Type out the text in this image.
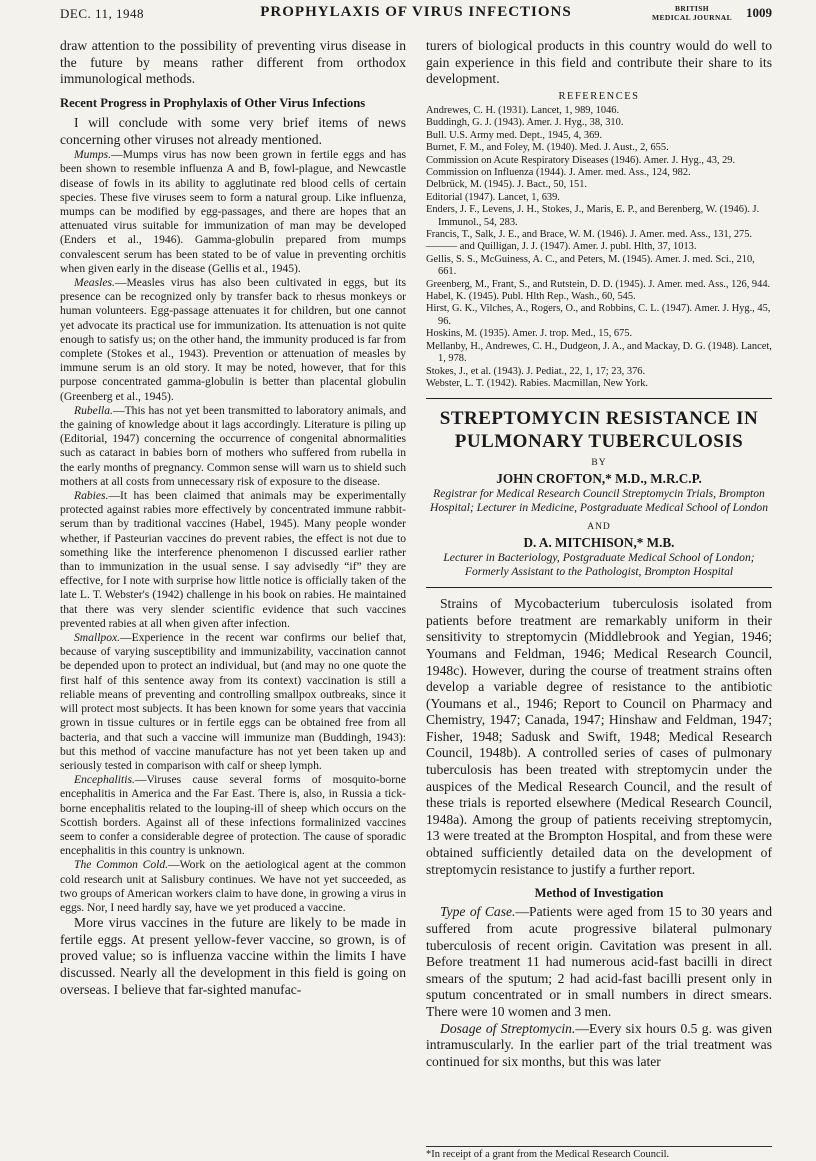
DEC. 11, 1948	PROPHYLAXIS OF VIRUS INFECTIONS	BRITISH
MEDICAL JOURNAL 1009

draw attention to the possibility of preventing virus disease in the future by means rather different from orthodox immunological methods.

Recent Progress in Prophylaxis of Other Virus Infections

I will conclude with some very brief items of news concerning other viruses not already mentioned.

Mumps.—Mumps virus has now been grown in fertile eggs and has been shown to resemble influenza A and B, fowl-plague, and Newcastle disease of fowls in its ability to agglutinate red blood cells of certain species. These five viruses seem to form a natural group. Like influenza, mumps can be modified by egg-passages, and there are hopes that an attenuated virus suitable for immunization of man may be developed (Enders et al., 1946). Gamma-globulin prepared from mumps convalescent serum has been stated to be of value in preventing orchitis when given early in the disease (Gellis et al., 1945).

Measles.—Measles virus has also been cultivated in eggs, but its presence can be recognized only by transfer back to rhesus monkeys or human volunteers. Egg-passage attenuates it for children, but one cannot yet advocate its practical use for immunization. Its attenuation is not quite enough to satisfy us; on the other hand, the immunity produced is far from complete (Stokes et al., 1943). Prevention or attenuation of measles by immune serum is an old story. It may be noted, however, that for this purpose concentrated gamma-globulin is better than placental globulin (Greenberg et al., 1945).

Rubella.—This has not yet been transmitted to laboratory animals, and the gaining of knowledge about it lags accordingly. Literature is piling up (Editorial, 1947) concerning the occurrence of congenital abnormalities such as cataract in babies born of mothers who suffered from rubella in the early months of pregnancy. Common sense will warn us to shield such mothers at all costs from unnecessary risk of exposure to the disease.

Rabies.—It has been claimed that animals may be experimentally protected against rabies more effectively by concentrated immune rabbit-serum than by traditional vaccines (Habel, 1945). Many people wonder whether, if Pasteurian vaccines do prevent rabies, the effect is not due to something like the interference phenomenon I discussed earlier rather than to immunization in the usual sense. I say advisedly “if” they are effective, for I note with surprise how little notice is officially taken of the late L. T. Webster's (1942) challenge in his book on rabies. He maintained that there was very slender scientific evidence that such vaccines prevented rabies at all when given after infection.

Smallpox.—Experience in the recent war confirms our belief that, because of varying susceptibility and immunizability, vaccination cannot be depended upon to protect an individual, but (and may no one quote the first half of this sentence away from its context) vaccination is still a reliable means of preventing and controlling smallpox outbreaks, since it will protect most subjects. It has been known for some years that vaccinia grown in tissue cultures or in fertile eggs can be obtained free from all bacteria, and that such a vaccine will immunize man (Buddingh, 1943): but this method of vaccine manufacture has not yet been taken up and seriously tested in comparison with calf or sheep lymph.

Encephalitis.—Viruses cause several forms of mosquito-borne encephalitis in America and the Far East. There is, also, in Russia a tick-borne encephalitis related to the louping-ill of sheep which occurs on the Scottish borders. Against all of these infections formalinized vaccines seem to confer a considerable degree of protection. The cause of sporadic encephalitis in this country is unknown.

The Common Cold.—Work on the aetiological agent at the common cold research unit at Salisbury continues. We have not yet succeeded, as two groups of American workers claim to have done, in growing a virus in eggs. Nor, I need hardly say, have we yet produced a vaccine.

More virus vaccines in the future are likely to be made in fertile eggs. At present yellow-fever vaccine, so grown, is of proved value; so is influenza vaccine within the limits I have discussed. Nearly all the development in this field is going on overseas. I believe that far-sighted manufac-

turers of biological products in this country would do well to gain experience in this field and contribute their share to its development.

REFERENCES
Andrewes, C. H. (1931). Lancet, 1, 989, 1046.
Buddingh, G. J. (1943). Amer. J. Hyg., 38, 310.
Bull. U.S. Army med. Dept., 1945, 4, 369.
Burnet, F. M., and Foley, M. (1940). Med. J. Aust., 2, 655.
Commission on Acute Respiratory Diseases (1946). Amer. J. Hyg., 43, 29.
Commission on Influenza (1944). J. Amer. med. Ass., 124, 982.
Delbrück, M. (1945). J. Bact., 50, 151.
Editorial (1947). Lancet, 1, 639.
Enders, J. F., Levens, J. H., Stokes, J., Maris, E. P., and Berenberg, W. (1946). J. Immunol., 54, 283.
Francis, T., Salk, J. E., and Brace, W. M. (1946). J. Amer. med. Ass., 131, 275.
——— and Quilligan, J. J. (1947). Amer. J. publ. Hlth, 37, 1013.
Gellis, S. S., McGuiness, A. C., and Peters, M. (1945). Amer. J. med. Sci., 210, 661.
Greenberg, M., Frant, S., and Rutstein, D. D. (1945). J. Amer. med. Ass., 126, 944.
Habel, K. (1945). Publ. Hlth Rep., Wash., 60, 545.
Hirst, G. K., Vilches, A., Rogers, O., and Robbins, C. L. (1947). Amer. J. Hyg., 45, 96.
Hoskins, M. (1935). Amer. J. trop. Med., 15, 675.
Mellanby, H., Andrewes, C. H., Dudgeon, J. A., and Mackay, D. G. (1948). Lancet, 1, 978.
Stokes, J., et al. (1943). J. Pediat., 22, 1, 17; 23, 376.
Webster, L. T. (1942). Rabies. Macmillan, New York.
STREPTOMYCIN RESISTANCE IN PULMONARY TUBERCULOSIS
BY
JOHN CROFTON,* M.D., M.R.C.P.
Registrar for Medical Research Council Streptomycin Trials, Brompton Hospital; Lecturer in Medicine, Postgraduate Medical School of London
AND
D. A. MITCHISON,* M.B.
Lecturer in Bacteriology, Postgraduate Medical School of London; Formerly Assistant to the Pathologist, Brompton Hospital

Strains of Mycobacterium tuberculosis isolated from patients before treatment are remarkably uniform in their sensitivity to streptomycin (Middlebrook and Yegian, 1946; Youmans and Feldman, 1946; Medical Research Council, 1948c). However, during the course of treatment strains often develop a variable degree of resistance to the antibiotic (Youmans et al., 1946; Report to Council on Pharmacy and Chemistry, 1947; Canada, 1947; Hinshaw and Feldman, 1947; Fisher, 1948; Sadusk and Swift, 1948; Medical Research Council, 1948b). A controlled series of cases of pulmonary tuberculosis has been treated with streptomycin under the auspices of the Medical Research Council, and the result of these trials is reported elsewhere (Medical Research Council, 1948a). Among the group of patients receiving streptomycin, 13 were treated at the Brompton Hospital, and from these were obtained sufficiently detailed data on the development of streptomycin resistance to justify a further report.

Method of Investigation

Type of Case.—Patients were aged from 15 to 30 years and suffered from acute progressive bilateral pulmonary tuberculosis of recent origin. Cavitation was present in all. Before treatment 11 had numerous acid-fast bacilli in direct smears of the sputum; 2 had acid-fast bacilli present only in sputum concentrated or in small numbers in direct smears. There were 10 women and 3 men.

Dosage of Streptomycin.—Every six hours 0.5 g. was given intramuscularly. In the earlier part of the trial treatment was continued for six months, but this was later

*In receipt of a grant from the Medical Research Council.
